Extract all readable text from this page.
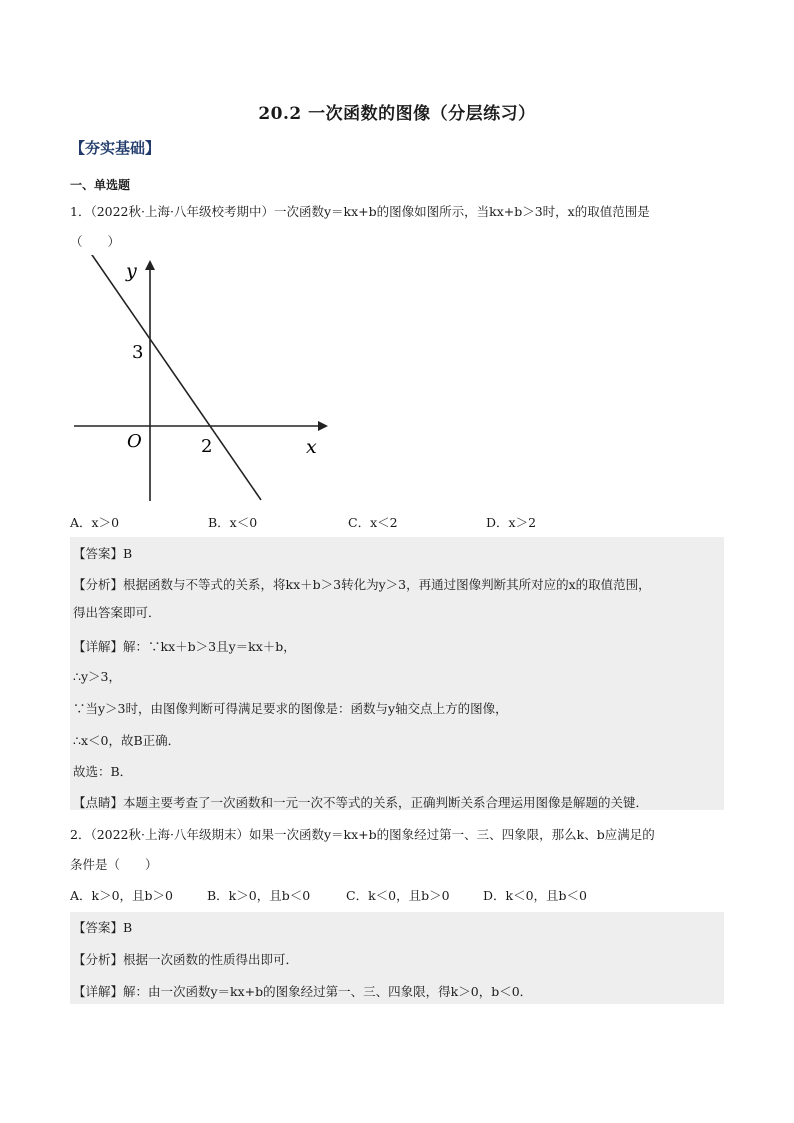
20.2 一次函数的图像（分层练习）
【夯实基础】
一、单选题
1．（2022秋·上海·八年级校考期中）一次函数y＝kx+b的图像如图所示，当kx+b＞3时，x的取值范围是
（　　）
y
x
O
3
2
A．x＞0	B．x＜0	C．x＜2	D．x＞2
【答案】B
【分析】根据函数与不等式的关系，将kx＋b＞3转化为y＞3，再通过图像判断其所对应的x的取值范围，
得出答案即可．
【详解】解：∵kx＋b＞3且y＝kx＋b，
∴y＞3，
∵当y＞3时，由图像判断可得满足要求的图像是：函数与y轴交点上方的图像，
∴x＜0，故B正确．
故选：B．
【点睛】本题主要考查了一次函数和一元一次不等式的关系，正确判断关系合理运用图像是解题的关键．
2．（2022秋·上海·八年级期末）如果一次函数y＝kx+b的图象经过第一、三、四象限，那么k、b应满足的
条件是（　　）
A．k＞0，且b＞0	B．k＞0，且b＜0	C．k＜0，且b＞0	D．k＜0，且b＜0
【答案】B
【分析】根据一次函数的性质得出即可．
【详解】解：由一次函数y＝kx+b的图象经过第一、三、四象限，得k＞0，b＜0．
